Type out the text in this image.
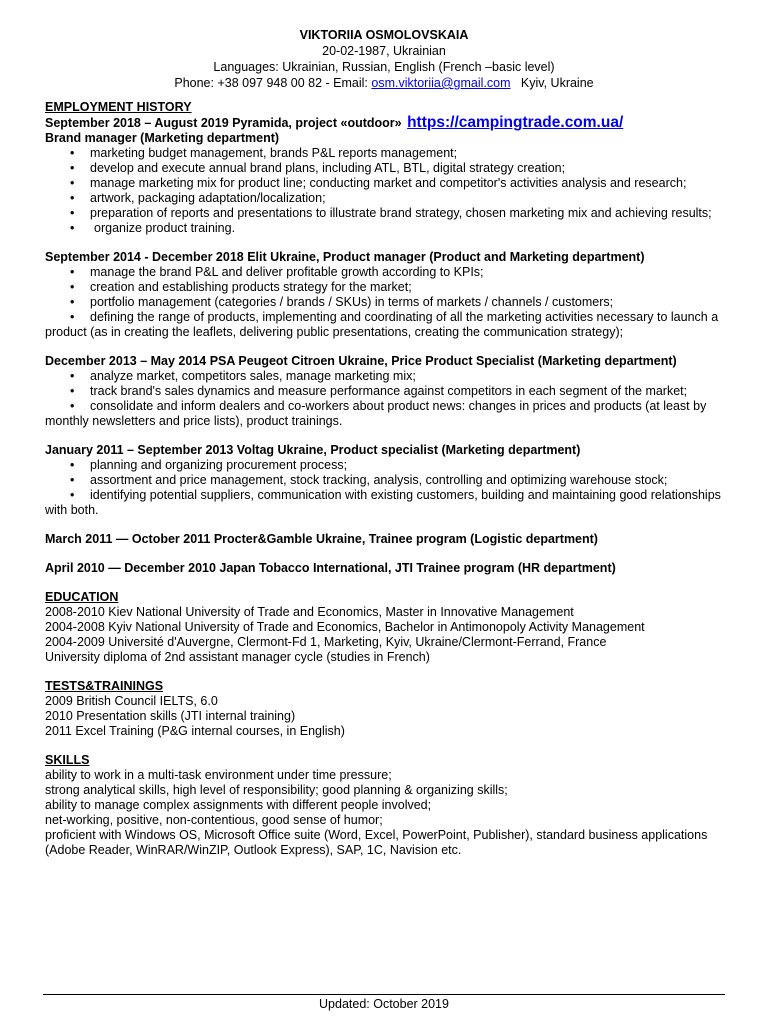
VIKTORIIA OSMOLOVSKAIA
20-02-1987, Ukrainian
Languages: Ukrainian, Russian, English (French –basic level)
Phone: +38 097 948 00 82 - Email: osm.viktoriia@gmail.com Kyiv, Ukraine
EMPLOYMENT HISTORY
September 2018 – August 2019 Pyramida, project «outdoor» https://campingtrade.com.ua/
Brand manager (Marketing department)
• marketing budget management, brands P&L reports management;
• develop and execute annual brand plans, including ATL, BTL, digital strategy creation;
• manage marketing mix for product line; conducting market and competitor's activities analysis and research;
• artwork, packaging adaptation/localization;
• preparation of reports and presentations to illustrate brand strategy, chosen marketing mix and achieving results;
• organize product training.
September 2014 - December 2018 Elit Ukraine, Product manager (Product and Marketing department)
• manage the brand P&L and deliver profitable growth according to KPIs;
• creation and establishing products strategy for the market;
• portfolio management (categories / brands / SKUs) in terms of markets / channels / customers;
• defining the range of products, implementing and coordinating of all the marketing activities necessary to launch a product (as in creating the leaflets, delivering public presentations, creating the communication strategy);
December 2013 – May 2014 PSA Peugeot Citroen Ukraine, Price Product Specialist (Marketing department)
• analyze market, competitors sales, manage marketing mix;
• track brand's sales dynamics and measure performance against competitors in each segment of the market;
• consolidate and inform dealers and co-workers about product news: changes in prices and products (at least by monthly newsletters and price lists), product trainings.
January 2011 – September 2013 Voltag Ukraine, Product specialist (Marketing department)
• planning and organizing procurement process;
• assortment and price management, stock tracking, analysis, controlling and optimizing warehouse stock;
• identifying potential suppliers, communication with existing customers, building and maintaining good relationships with both.
March 2011 — October 2011 Procter&Gamble Ukraine, Trainee program (Logistic department)
April 2010 — December 2010 Japan Tobacco International, JTI Trainee program (HR department)
EDUCATION
2008-2010 Kiev National University of Trade and Economics, Master in Innovative Management
2004-2008 Kyiv National University of Trade and Economics, Bachelor in Antimonopoly Activity Management
2004-2009 Université d'Auvergne, Clermont-Fd 1, Marketing, Kyiv, Ukraine/Clermont-Ferrand, France
University diploma of 2nd assistant manager cycle (studies in French)
TESTS&TRAININGS
2009 British Council IELTS, 6.0
2010 Presentation skills (JTI internal training)
2011 Excel Training (P&G internal courses, in English)
SKILLS
ability to work in a multi-task environment under time pressure;
strong analytical skills, high level of responsibility; good planning & organizing skills;
ability to manage complex assignments with different people involved;
net-working, positive, non-contentious, good sense of humor;
proficient with Windows OS, Microsoft Office suite (Word, Excel, PowerPoint, Publisher), standard business applications (Adobe Reader, WinRAR/WinZIP, Outlook Express), SAP, 1C, Navision etc.
Updated: October 2019
